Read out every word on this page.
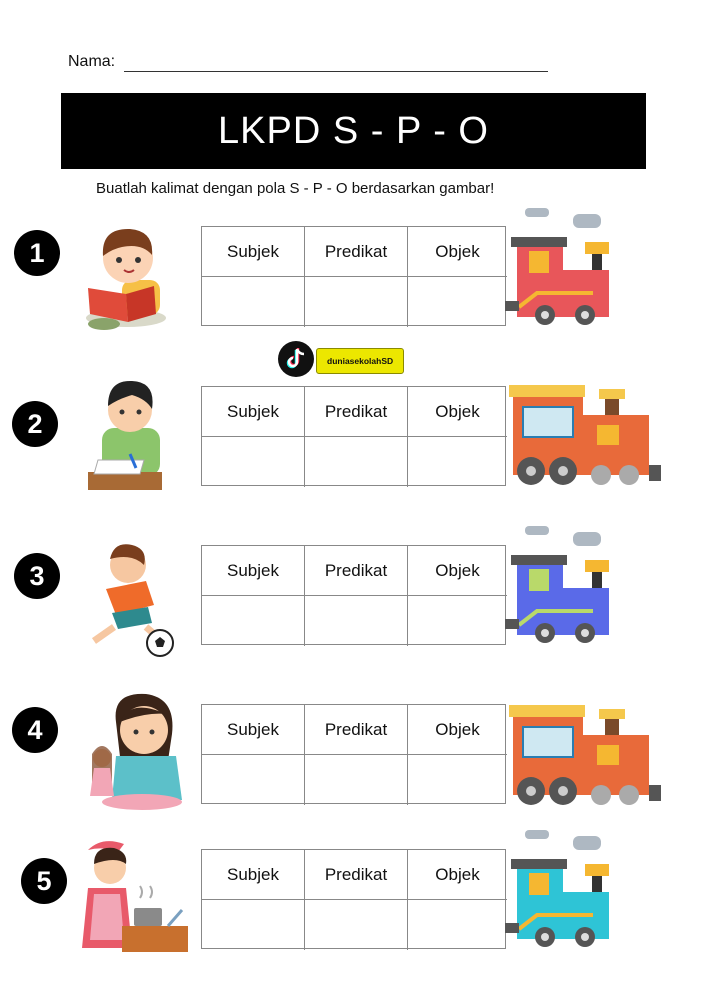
Nama:
LKPD S - P - O
Buatlah kalimat dengan pola S - P - O berdasarkan gambar!
duniasekolahSD
1	Subjek	Predikat	Objek
2	Subjek	Predikat	Objek
3	Subjek	Predikat	Objek
4	Subjek	Predikat	Objek
5	Subjek	Predikat	Objek
